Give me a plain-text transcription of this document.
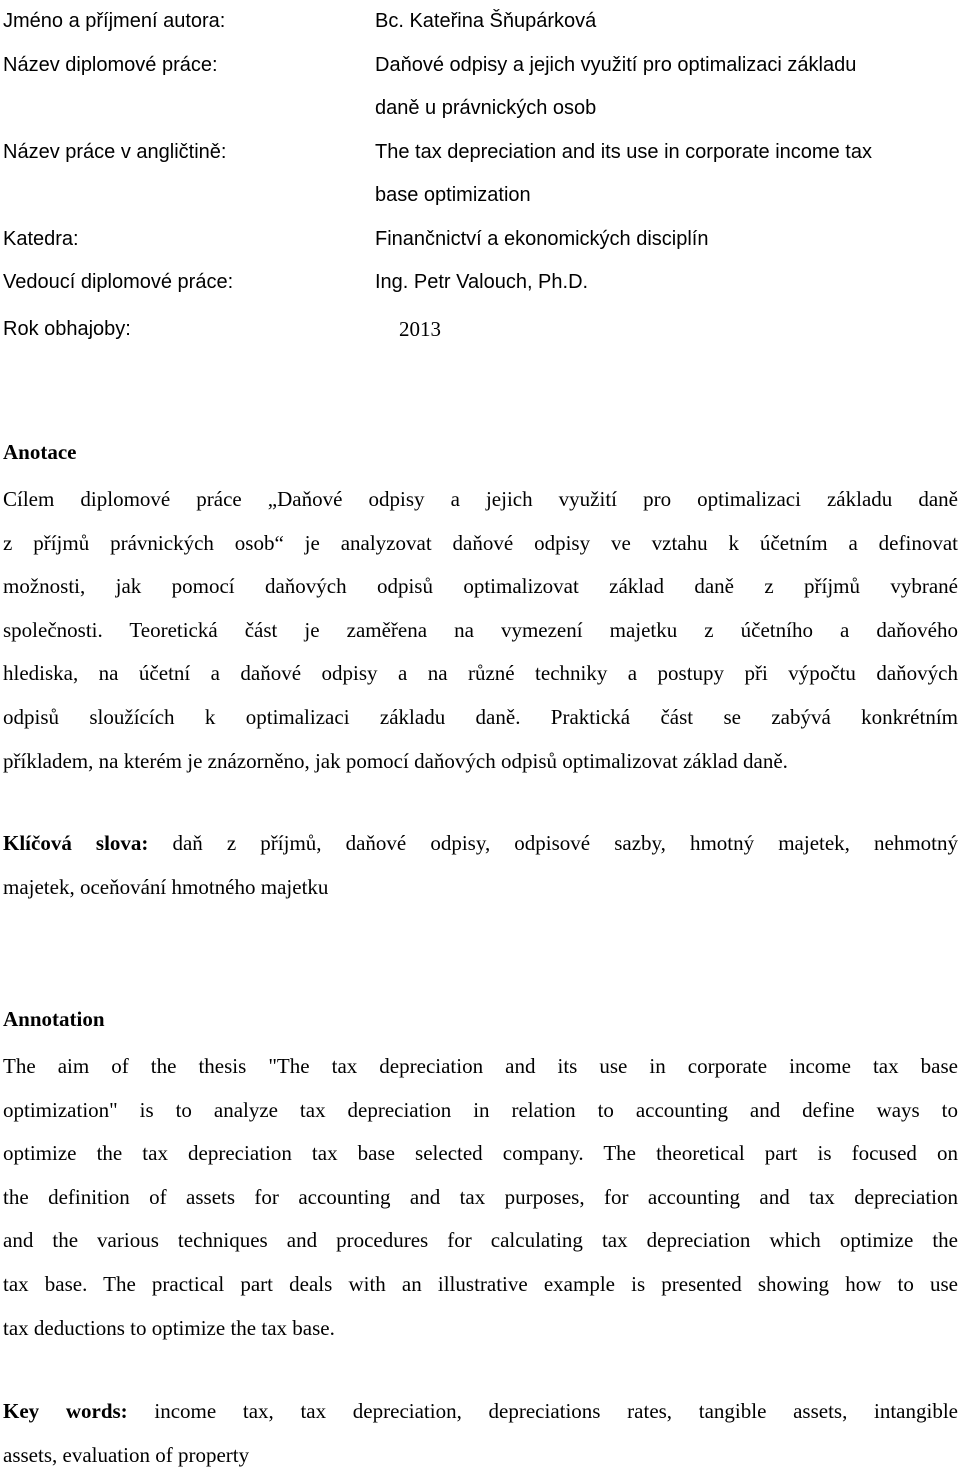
Jméno a příjmení autora:	Bc. Kateřina Šňupárková
Název diplomové práce:	Daňové odpisy a jejich využití pro optimalizaci základu
daně u právnických osob
Název práce v angličtině:	The tax depreciation and its use in corporate income tax
base optimization
Katedra:	Finančnictví a ekonomických disciplín
Vedoucí diplomové práce:	Ing. Petr Valouch, Ph.D.
Rok obhajoby:	2013
Anotace
Cílem diplomové práce „Daňové odpisy a jejich využití pro optimalizaci základu daně
z příjmů právnických osob“ je analyzovat daňové odpisy ve vztahu k účetním a definovat
možnosti, jak pomocí daňových odpisů optimalizovat základ daně z příjmů vybrané
společnosti. Teoretická část je zaměřena na vymezení majetku z účetního a daňového
hlediska, na účetní a daňové odpisy a na různé techniky a postupy při výpočtu daňových
odpisů sloužících k optimalizaci základu daně. Praktická část se zabývá konkrétním
příkladem, na kterém je znázorněno, jak pomocí daňových odpisů optimalizovat základ daně.
Klíčová slova: daň z příjmů, daňové odpisy, odpisové sazby, hmotný majetek, nehmotný
majetek, oceňování hmotného majetku
Annotation
The aim of the thesis "The tax depreciation and its use in corporate income tax base
optimization" is to analyze tax depreciation in relation to accounting and define ways to
optimize the tax depreciation tax base selected company. The theoretical part is focused on
the definition of assets for accounting and tax purposes, for accounting and tax depreciation
and the various techniques and procedures for calculating tax depreciation which optimize the
tax base. The practical part deals with an illustrative example is presented showing how to use
tax deductions to optimize the tax base.
Key words: income tax, tax depreciation, depreciations rates, tangible assets, intangible
assets, evaluation of property
